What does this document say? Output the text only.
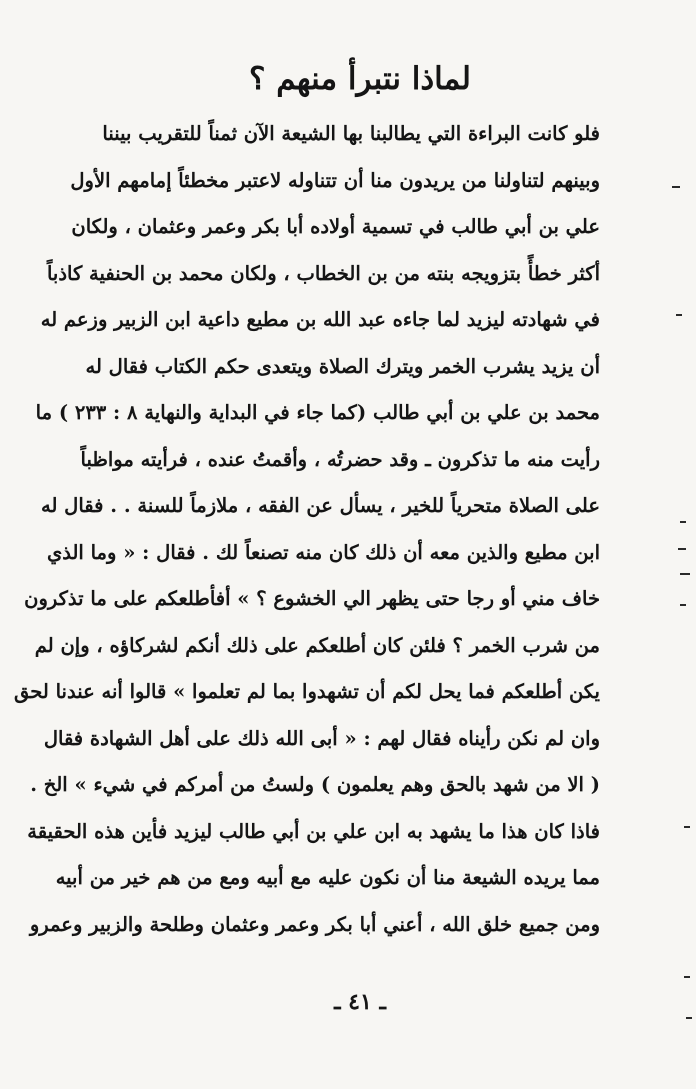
لماذا نتبرأ منهم ؟
فلو كانت البراءة التي يطالبنا بها الشيعة الآن ثمناً للتقريب بيننا
وبينهم لتناولنا من يريدون منا أن تتناوله لاعتبر مخطئاً إمامهم الأول
علي بن أبي طالب في تسمية أولاده أبا بكر وعمر وعثمان ، ولكان
أكثر خطأً بتزويجه بنته من بن الخطاب ، ولكان محمد بن الحنفية كاذباً
في شهادته ليزيد لما جاءه عبد الله بن مطيع داعية ابن الزبير وزعم له
أن يزيد يشرب الخمر ويترك الصلاة ويتعدى حكم الكتاب فقال له
محمد بن علي بن أبي طالب (كما جاء في البداية والنهاية ٨ : ٢٣٣ ) ما
رأيت منه ما تذكرون ـ وقد حضرتُه ، وأقمتُ عنده ، فرأيته مواظباً
على الصلاة متحرياً للخير ، يسأل عن الفقه ، ملازماً للسنة . . فقال له
ابن مطيع والذين معه أن ذلك كان منه تصنعاً لك . فقال : « وما الذي
خاف مني أو رجا حتى يظهر الي الخشوع ؟ » أفأطلعكم على ما تذكرون
من شرب الخمر ؟ فلئن كان أطلعكم على ذلك أنكم لشركاؤه ، وإن لم
يكن أطلعكم فما يحل لكم أن تشهدوا بما لم تعلموا » قالوا أنه عندنا لحق
وان لم نكن رأيناه فقال لهم : « أبى الله ذلك على أهل الشهادة فقال
( الا من شهد بالحق وهم يعلمون ) ولستُ من أمركم في شيء » الخ .
فاذا كان هذا ما يشهد به ابن علي بن أبي طالب ليزيد فأين هذه الحقيقة
مما يريده الشيعة منا أن نكون عليه مع أبيه ومع من هم خير من أبيه
ومن جميع خلق الله ، أعني أبا بكر وعمر وعثمان وطلحة والزبير وعمرو
ـ ٤١ ـ
